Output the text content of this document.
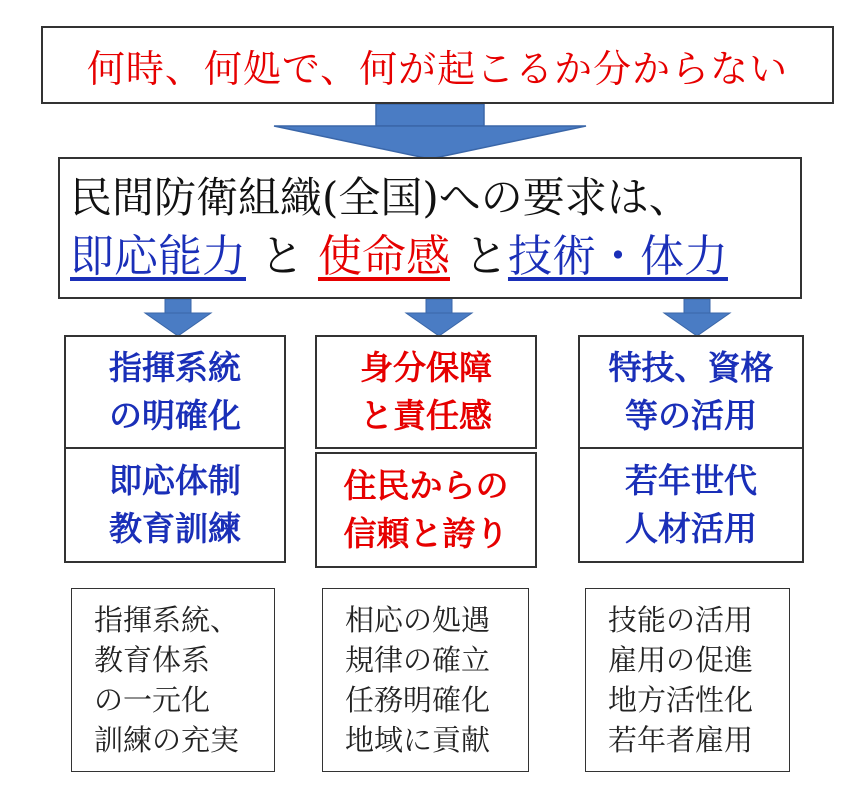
何時、何処で、何が起こるか分からない
民間防衛組織(全国)への要求は、
即応能力 と 使命感 と技術・体力
指揮系統
の明確化
即応体制
教育訓練
指揮系統、
教育体系
の一元化
訓練の充実
身分保障
と責任感
住民からの
信頼と誇り
相応の処遇
規律の確立
任務明確化
地域に貢献
特技、資格
等の活用
若年世代
人材活用
技能の活用
雇用の促進
地方活性化
若年者雇用
